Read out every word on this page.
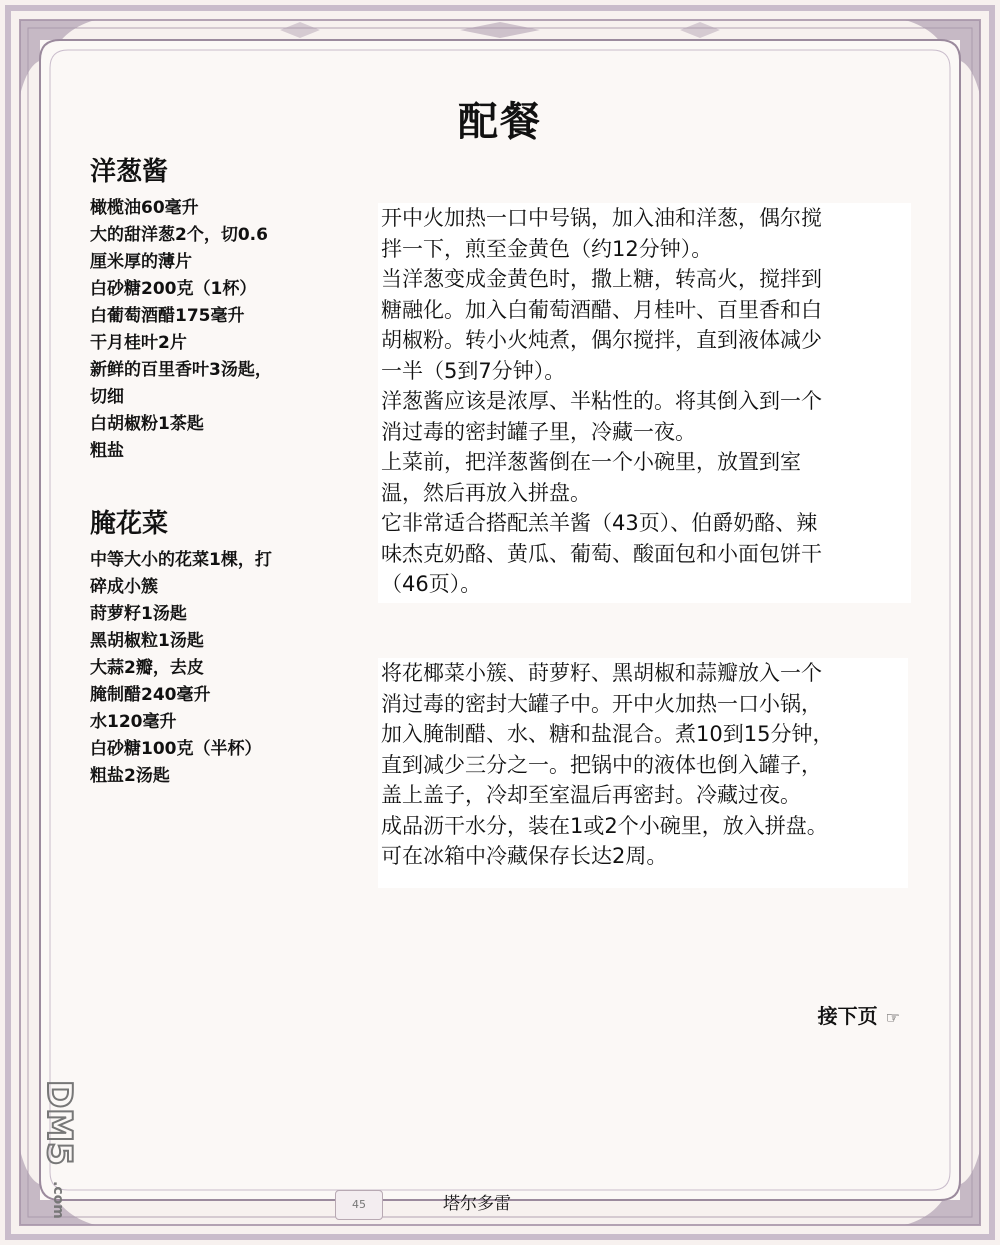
配餐
洋葱酱
橄榄油60毫升
大的甜洋葱2个，切0.6
厘米厚的薄片
白砂糖200克（1杯）
白葡萄酒醋175毫升
干月桂叶2片
新鲜的百里香叶3汤匙，
切细
白胡椒粉1茶匙
粗盐
腌花菜
中等大小的花菜1棵，打
碎成小簇
莳萝籽1汤匙
黑胡椒粒1汤匙
大蒜2瓣，去皮
腌制醋240毫升
水120毫升
白砂糖100克（半杯）
粗盐2汤匙

开中火加热一口中号锅，加入油和洋葱，偶尔搅

拌一下，煎至金黄色（约12分钟）。

当洋葱变成金黄色时，撒上糖，转高火，搅拌到

糖融化。加入白葡萄酒醋、月桂叶、百里香和白

胡椒粉。转小火炖煮，偶尔搅拌，直到液体减少

一半（5到7分钟）。

洋葱酱应该是浓厚、半粘性的。将其倒入到一个

消过毒的密封罐子里，冷藏一夜。

上菜前，把洋葱酱倒在一个小碗里，放置到室

温，然后再放入拼盘。

它非常适合搭配羔羊酱（43页）、伯爵奶酪、辣

味杰克奶酪、黄瓜、葡萄、酸面包和小面包饼干

（46页）。

将花椰菜小簇、莳萝籽、黑胡椒和蒜瓣放入一个

消过毒的密封大罐子中。开中火加热一口小锅，

加入腌制醋、水、糖和盐混合。煮10到15分钟，

直到减少三分之一。把锅中的液体也倒入罐子，

盖上盖子，冷却至室温后再密封。冷藏过夜。

成品沥干水分，装在1或2个小碗里，放入拼盘。

可在冰箱中冷藏保存长达2周。

接下页 ☞
DM5
.com	45	塔尔多雷
